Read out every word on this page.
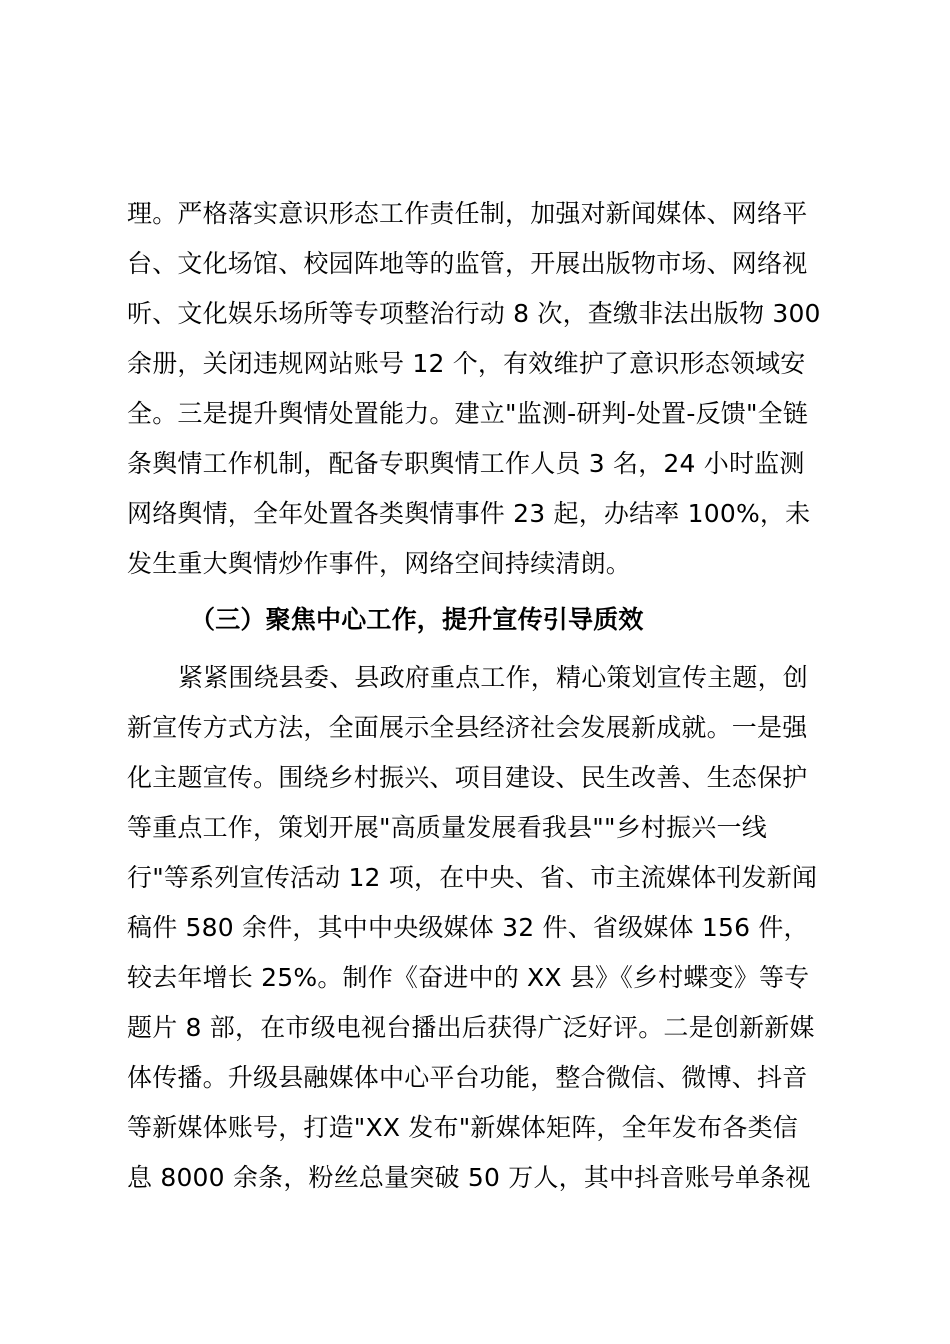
理。严格落实意识形态工作责任制，加强对新闻媒体、网络平
台、文化场馆、校园阵地等的监管，开展出版物市场、网络视
听、文化娱乐场所等专项整治行动 8 次，查缴非法出版物 300
余册，关闭违规网站账号 12 个，有效维护了意识形态领域安
全。三是提升舆情处置能力。建立"监测-研判-处置-反馈"全链
条舆情工作机制，配备专职舆情工作人员 3 名，24 小时监测
网络舆情，全年处置各类舆情事件 23 起，办结率 100%，未
发生重大舆情炒作事件，网络空间持续清朗。
（三）聚焦中心工作，提升宣传引导质效
紧紧围绕县委、县政府重点工作，精心策划宣传主题，创
新宣传方式方法，全面展示全县经济社会发展新成就。一是强
化主题宣传。围绕乡村振兴、项目建设、民生改善、生态保护
等重点工作，策划开展"高质量发展看我县""乡村振兴一线
行"等系列宣传活动 12 项，在中央、省、市主流媒体刊发新闻
稿件 580 余件，其中中央级媒体 32 件、省级媒体 156 件，
较去年增长 25%。制作《奋进中的 XX 县》《乡村蝶变》等专
题片 8 部，在市级电视台播出后获得广泛好评。二是创新新媒
体传播。升级县融媒体中心平台功能，整合微信、微博、抖音
等新媒体账号，打造"XX 发布"新媒体矩阵，全年发布各类信
息 8000 余条，粉丝总量突破 50 万人，其中抖音账号单条视
